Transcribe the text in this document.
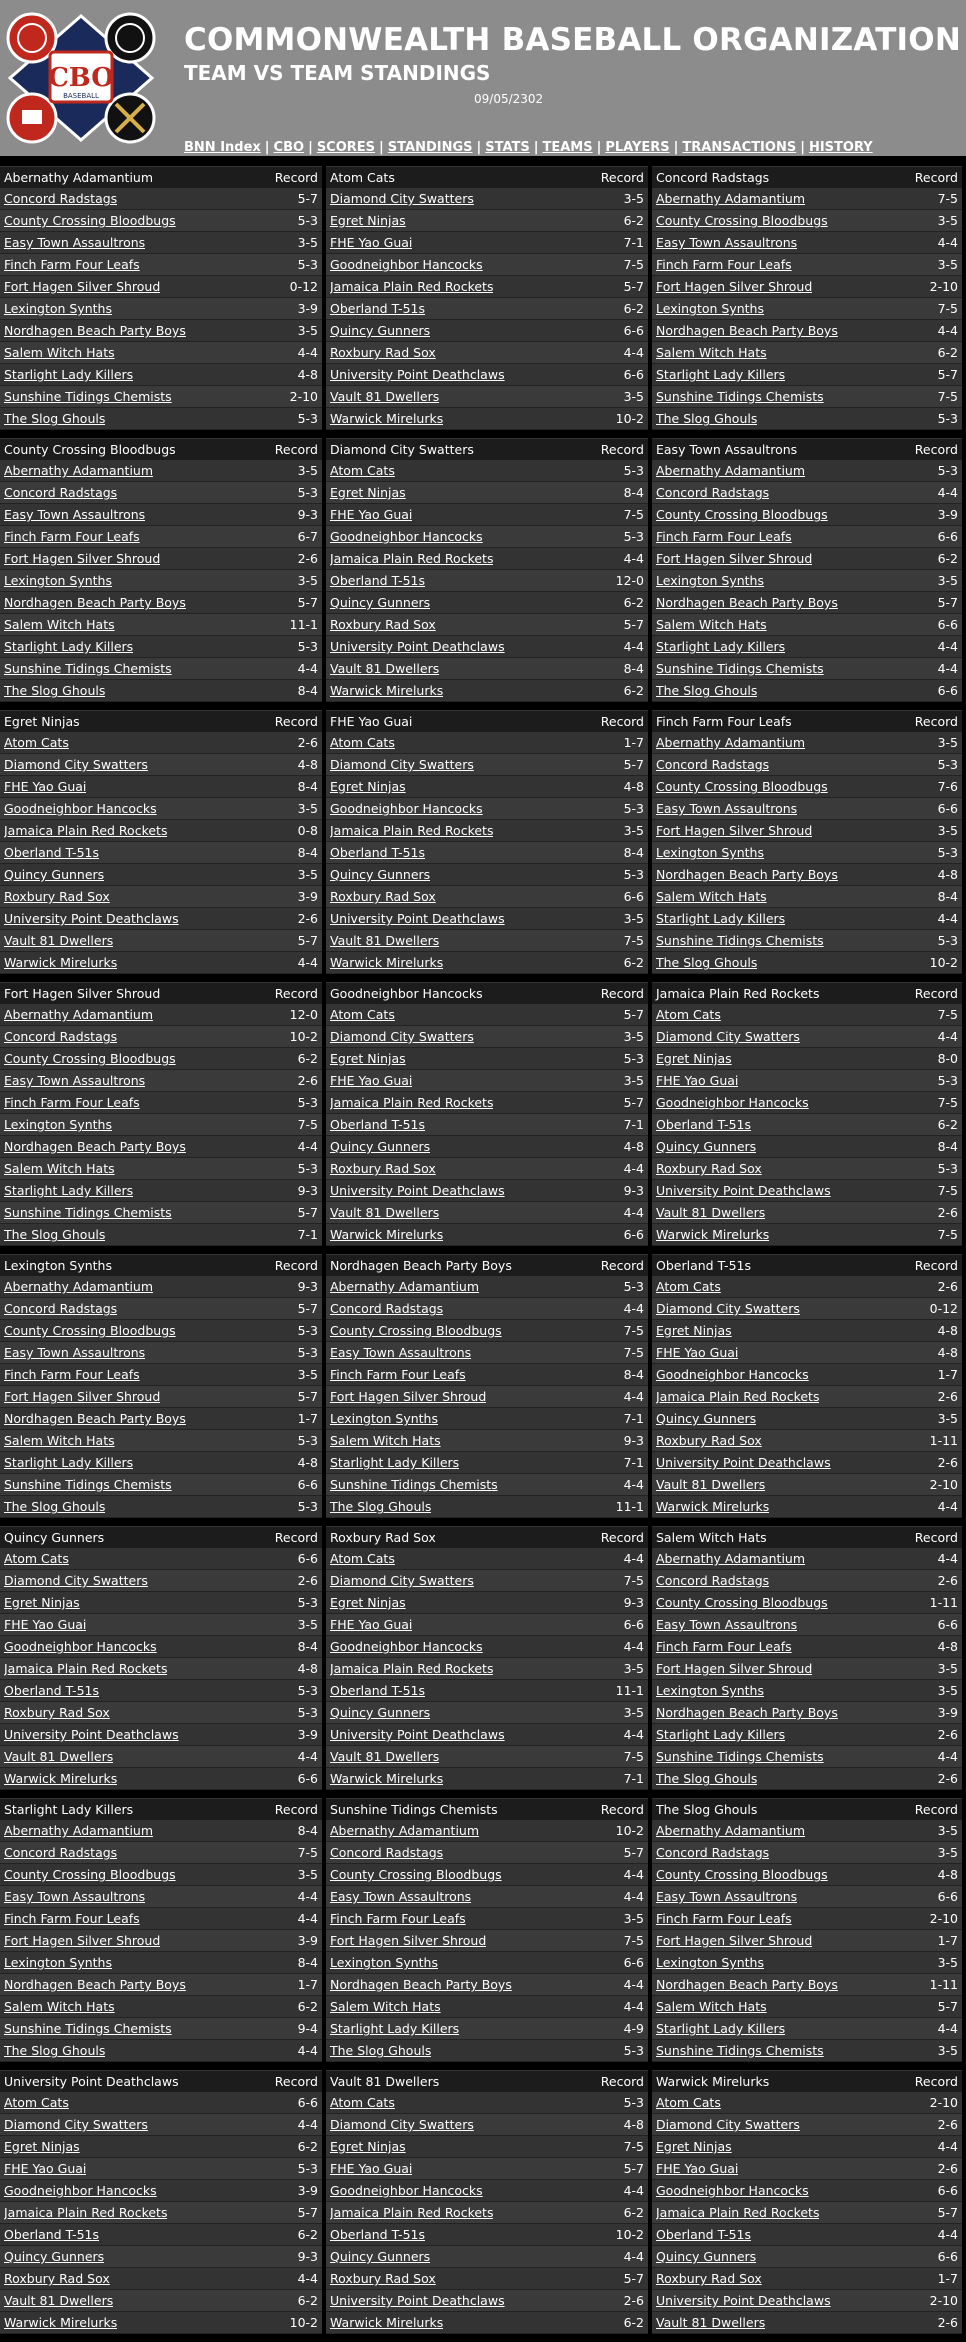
CBO
BASEBALL
COMMONWEALTH BASEBALL ORGANIZATION
TEAM VS TEAM STANDINGS
09/05/2302
BNN Index | CBO | SCORES | STANDINGS | STATS | TEAMS | PLAYERS | TRANSACTIONS | HISTORY
Abernathy Adamantium	Record
Concord Radstags	5-7
County Crossing Bloodbugs	5-3
Easy Town Assaultrons	3-5
Finch Farm Four Leafs	5-3
Fort Hagen Silver Shroud	0-12
Lexington Synths	3-9
Nordhagen Beach Party Boys	3-5
Salem Witch Hats	4-4
Starlight Lady Killers	4-8
Sunshine Tidings Chemists	2-10
The Slog Ghouls	5-3
Atom Cats	Record
Diamond City Swatters	3-5
Egret Ninjas	6-2
FHE Yao Guai	7-1
Goodneighbor Hancocks	7-5
Jamaica Plain Red Rockets	5-7
Oberland T-51s	6-2
Quincy Gunners	6-6
Roxbury Rad Sox	4-4
University Point Deathclaws	6-6
Vault 81 Dwellers	3-5
Warwick Mirelurks	10-2
Concord Radstags	Record
Abernathy Adamantium	7-5
County Crossing Bloodbugs	3-5
Easy Town Assaultrons	4-4
Finch Farm Four Leafs	3-5
Fort Hagen Silver Shroud	2-10
Lexington Synths	7-5
Nordhagen Beach Party Boys	4-4
Salem Witch Hats	6-2
Starlight Lady Killers	5-7
Sunshine Tidings Chemists	7-5
The Slog Ghouls	5-3
County Crossing Bloodbugs	Record
Abernathy Adamantium	3-5
Concord Radstags	5-3
Easy Town Assaultrons	9-3
Finch Farm Four Leafs	6-7
Fort Hagen Silver Shroud	2-6
Lexington Synths	3-5
Nordhagen Beach Party Boys	5-7
Salem Witch Hats	11-1
Starlight Lady Killers	5-3
Sunshine Tidings Chemists	4-4
The Slog Ghouls	8-4
Diamond City Swatters	Record
Atom Cats	5-3
Egret Ninjas	8-4
FHE Yao Guai	7-5
Goodneighbor Hancocks	5-3
Jamaica Plain Red Rockets	4-4
Oberland T-51s	12-0
Quincy Gunners	6-2
Roxbury Rad Sox	5-7
University Point Deathclaws	4-4
Vault 81 Dwellers	8-4
Warwick Mirelurks	6-2
Easy Town Assaultrons	Record
Abernathy Adamantium	5-3
Concord Radstags	4-4
County Crossing Bloodbugs	3-9
Finch Farm Four Leafs	6-6
Fort Hagen Silver Shroud	6-2
Lexington Synths	3-5
Nordhagen Beach Party Boys	5-7
Salem Witch Hats	6-6
Starlight Lady Killers	4-4
Sunshine Tidings Chemists	4-4
The Slog Ghouls	6-6
Egret Ninjas	Record
Atom Cats	2-6
Diamond City Swatters	4-8
FHE Yao Guai	8-4
Goodneighbor Hancocks	3-5
Jamaica Plain Red Rockets	0-8
Oberland T-51s	8-4
Quincy Gunners	3-5
Roxbury Rad Sox	3-9
University Point Deathclaws	2-6
Vault 81 Dwellers	5-7
Warwick Mirelurks	4-4
FHE Yao Guai	Record
Atom Cats	1-7
Diamond City Swatters	5-7
Egret Ninjas	4-8
Goodneighbor Hancocks	5-3
Jamaica Plain Red Rockets	3-5
Oberland T-51s	8-4
Quincy Gunners	5-3
Roxbury Rad Sox	6-6
University Point Deathclaws	3-5
Vault 81 Dwellers	7-5
Warwick Mirelurks	6-2
Finch Farm Four Leafs	Record
Abernathy Adamantium	3-5
Concord Radstags	5-3
County Crossing Bloodbugs	7-6
Easy Town Assaultrons	6-6
Fort Hagen Silver Shroud	3-5
Lexington Synths	5-3
Nordhagen Beach Party Boys	4-8
Salem Witch Hats	8-4
Starlight Lady Killers	4-4
Sunshine Tidings Chemists	5-3
The Slog Ghouls	10-2
Fort Hagen Silver Shroud	Record
Abernathy Adamantium	12-0
Concord Radstags	10-2
County Crossing Bloodbugs	6-2
Easy Town Assaultrons	2-6
Finch Farm Four Leafs	5-3
Lexington Synths	7-5
Nordhagen Beach Party Boys	4-4
Salem Witch Hats	5-3
Starlight Lady Killers	9-3
Sunshine Tidings Chemists	5-7
The Slog Ghouls	7-1
Goodneighbor Hancocks	Record
Atom Cats	5-7
Diamond City Swatters	3-5
Egret Ninjas	5-3
FHE Yao Guai	3-5
Jamaica Plain Red Rockets	5-7
Oberland T-51s	7-1
Quincy Gunners	4-8
Roxbury Rad Sox	4-4
University Point Deathclaws	9-3
Vault 81 Dwellers	4-4
Warwick Mirelurks	6-6
Jamaica Plain Red Rockets	Record
Atom Cats	7-5
Diamond City Swatters	4-4
Egret Ninjas	8-0
FHE Yao Guai	5-3
Goodneighbor Hancocks	7-5
Oberland T-51s	6-2
Quincy Gunners	8-4
Roxbury Rad Sox	5-3
University Point Deathclaws	7-5
Vault 81 Dwellers	2-6
Warwick Mirelurks	7-5
Lexington Synths	Record
Abernathy Adamantium	9-3
Concord Radstags	5-7
County Crossing Bloodbugs	5-3
Easy Town Assaultrons	5-3
Finch Farm Four Leafs	3-5
Fort Hagen Silver Shroud	5-7
Nordhagen Beach Party Boys	1-7
Salem Witch Hats	5-3
Starlight Lady Killers	4-8
Sunshine Tidings Chemists	6-6
The Slog Ghouls	5-3
Nordhagen Beach Party Boys	Record
Abernathy Adamantium	5-3
Concord Radstags	4-4
County Crossing Bloodbugs	7-5
Easy Town Assaultrons	7-5
Finch Farm Four Leafs	8-4
Fort Hagen Silver Shroud	4-4
Lexington Synths	7-1
Salem Witch Hats	9-3
Starlight Lady Killers	7-1
Sunshine Tidings Chemists	4-4
The Slog Ghouls	11-1
Oberland T-51s	Record
Atom Cats	2-6
Diamond City Swatters	0-12
Egret Ninjas	4-8
FHE Yao Guai	4-8
Goodneighbor Hancocks	1-7
Jamaica Plain Red Rockets	2-6
Quincy Gunners	3-5
Roxbury Rad Sox	1-11
University Point Deathclaws	2-6
Vault 81 Dwellers	2-10
Warwick Mirelurks	4-4
Quincy Gunners	Record
Atom Cats	6-6
Diamond City Swatters	2-6
Egret Ninjas	5-3
FHE Yao Guai	3-5
Goodneighbor Hancocks	8-4
Jamaica Plain Red Rockets	4-8
Oberland T-51s	5-3
Roxbury Rad Sox	5-3
University Point Deathclaws	3-9
Vault 81 Dwellers	4-4
Warwick Mirelurks	6-6
Roxbury Rad Sox	Record
Atom Cats	4-4
Diamond City Swatters	7-5
Egret Ninjas	9-3
FHE Yao Guai	6-6
Goodneighbor Hancocks	4-4
Jamaica Plain Red Rockets	3-5
Oberland T-51s	11-1
Quincy Gunners	3-5
University Point Deathclaws	4-4
Vault 81 Dwellers	7-5
Warwick Mirelurks	7-1
Salem Witch Hats	Record
Abernathy Adamantium	4-4
Concord Radstags	2-6
County Crossing Bloodbugs	1-11
Easy Town Assaultrons	6-6
Finch Farm Four Leafs	4-8
Fort Hagen Silver Shroud	3-5
Lexington Synths	3-5
Nordhagen Beach Party Boys	3-9
Starlight Lady Killers	2-6
Sunshine Tidings Chemists	4-4
The Slog Ghouls	2-6
Starlight Lady Killers	Record
Abernathy Adamantium	8-4
Concord Radstags	7-5
County Crossing Bloodbugs	3-5
Easy Town Assaultrons	4-4
Finch Farm Four Leafs	4-4
Fort Hagen Silver Shroud	3-9
Lexington Synths	8-4
Nordhagen Beach Party Boys	1-7
Salem Witch Hats	6-2
Sunshine Tidings Chemists	9-4
The Slog Ghouls	4-4
Sunshine Tidings Chemists	Record
Abernathy Adamantium	10-2
Concord Radstags	5-7
County Crossing Bloodbugs	4-4
Easy Town Assaultrons	4-4
Finch Farm Four Leafs	3-5
Fort Hagen Silver Shroud	7-5
Lexington Synths	6-6
Nordhagen Beach Party Boys	4-4
Salem Witch Hats	4-4
Starlight Lady Killers	4-9
The Slog Ghouls	5-3
The Slog Ghouls	Record
Abernathy Adamantium	3-5
Concord Radstags	3-5
County Crossing Bloodbugs	4-8
Easy Town Assaultrons	6-6
Finch Farm Four Leafs	2-10
Fort Hagen Silver Shroud	1-7
Lexington Synths	3-5
Nordhagen Beach Party Boys	1-11
Salem Witch Hats	5-7
Starlight Lady Killers	4-4
Sunshine Tidings Chemists	3-5
University Point Deathclaws	Record
Atom Cats	6-6
Diamond City Swatters	4-4
Egret Ninjas	6-2
FHE Yao Guai	5-3
Goodneighbor Hancocks	3-9
Jamaica Plain Red Rockets	5-7
Oberland T-51s	6-2
Quincy Gunners	9-3
Roxbury Rad Sox	4-4
Vault 81 Dwellers	6-2
Warwick Mirelurks	10-2
Vault 81 Dwellers	Record
Atom Cats	5-3
Diamond City Swatters	4-8
Egret Ninjas	7-5
FHE Yao Guai	5-7
Goodneighbor Hancocks	4-4
Jamaica Plain Red Rockets	6-2
Oberland T-51s	10-2
Quincy Gunners	4-4
Roxbury Rad Sox	5-7
University Point Deathclaws	2-6
Warwick Mirelurks	6-2
Warwick Mirelurks	Record
Atom Cats	2-10
Diamond City Swatters	2-6
Egret Ninjas	4-4
FHE Yao Guai	2-6
Goodneighbor Hancocks	6-6
Jamaica Plain Red Rockets	5-7
Oberland T-51s	4-4
Quincy Gunners	6-6
Roxbury Rad Sox	1-7
University Point Deathclaws	2-10
Vault 81 Dwellers	2-6
